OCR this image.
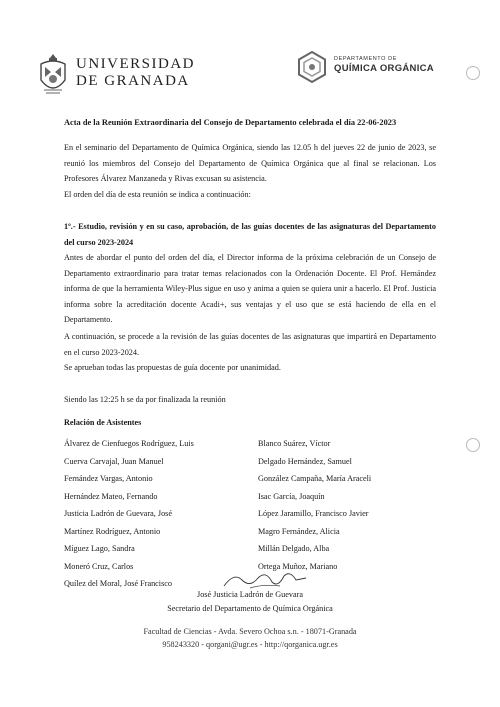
UNIVERSIDAD
DE GRANADA
DEPARTAMENTO DE
QUÍMICA ORGÁNICA
Acta de la Reunión Extraordinaria del Consejo de Departamento celebrada el día 22-06-2023
En el seminario del Departamento de Química Orgánica, siendo las 12.05 h del jueves 22 de junio de 2023, se reunió los miembros del Consejo del Departamento de Química Orgánica que al final se relacionan. Los Profesores Álvarez Manzaneda y Rivas excusan su asistencia.
El orden del día de esta reunión se indica a continuación:
1º.- Estudio, revisión y en su caso, aprobación, de las guías docentes de las asignaturas del Departamento del curso 2023-2024
Antes de abordar el punto del orden del día, el Director informa de la próxima celebración de un Consejo de Departamento extraordinario para tratar temas relacionados con la Ordenación Docente. El Prof. Hernández informa de que la herramienta Wiley-Plus sigue en uso y anima a quien se quiera unir a hacerlo. El Prof. Justicia informa sobre la acreditación docente Acadi+, sus ventajas y el uso que se está haciendo de ella en el Departamento.
A continuación, se procede a la revisión de las guías docentes de las asignaturas que impartirá en Departamento en el curso 2023-2024.
Se aprueban todas las propuestas de guía docente por unanimidad.
Siendo las 12:25 h se da por finalizada la reunión
Relación de Asistentes
Álvarez de Cienfuegos Rodríguez, Luis
Cuerva Carvajal, Juan Manuel
Fernández Vargas, Antonio
Hernández Mateo, Fernando
Justicia Ladrón de Guevara, José
Martínez Rodríguez, Antonio
Míguez Lago, Sandra
Moneró Cruz, Carlos
Quílez del Moral, José Francisco
Blanco Suárez, Víctor
Delgado Hernández, Samuel
González Campaña, María Araceli
Isac García, Joaquín
López Jaramillo, Francisco Javier
Magro Fernández, Alicia
Millán Delgado, Alba
Ortega Muñoz, Mariano
José Justicia Ladrón de Guevara
Secretario del Departamento de Química Orgánica
Facultad de Ciencias - Avda. Severo Ochoa s.n. - 18071-Granada
958243320 - qorgani@ugr.es - http://qorganica.ugr.es
